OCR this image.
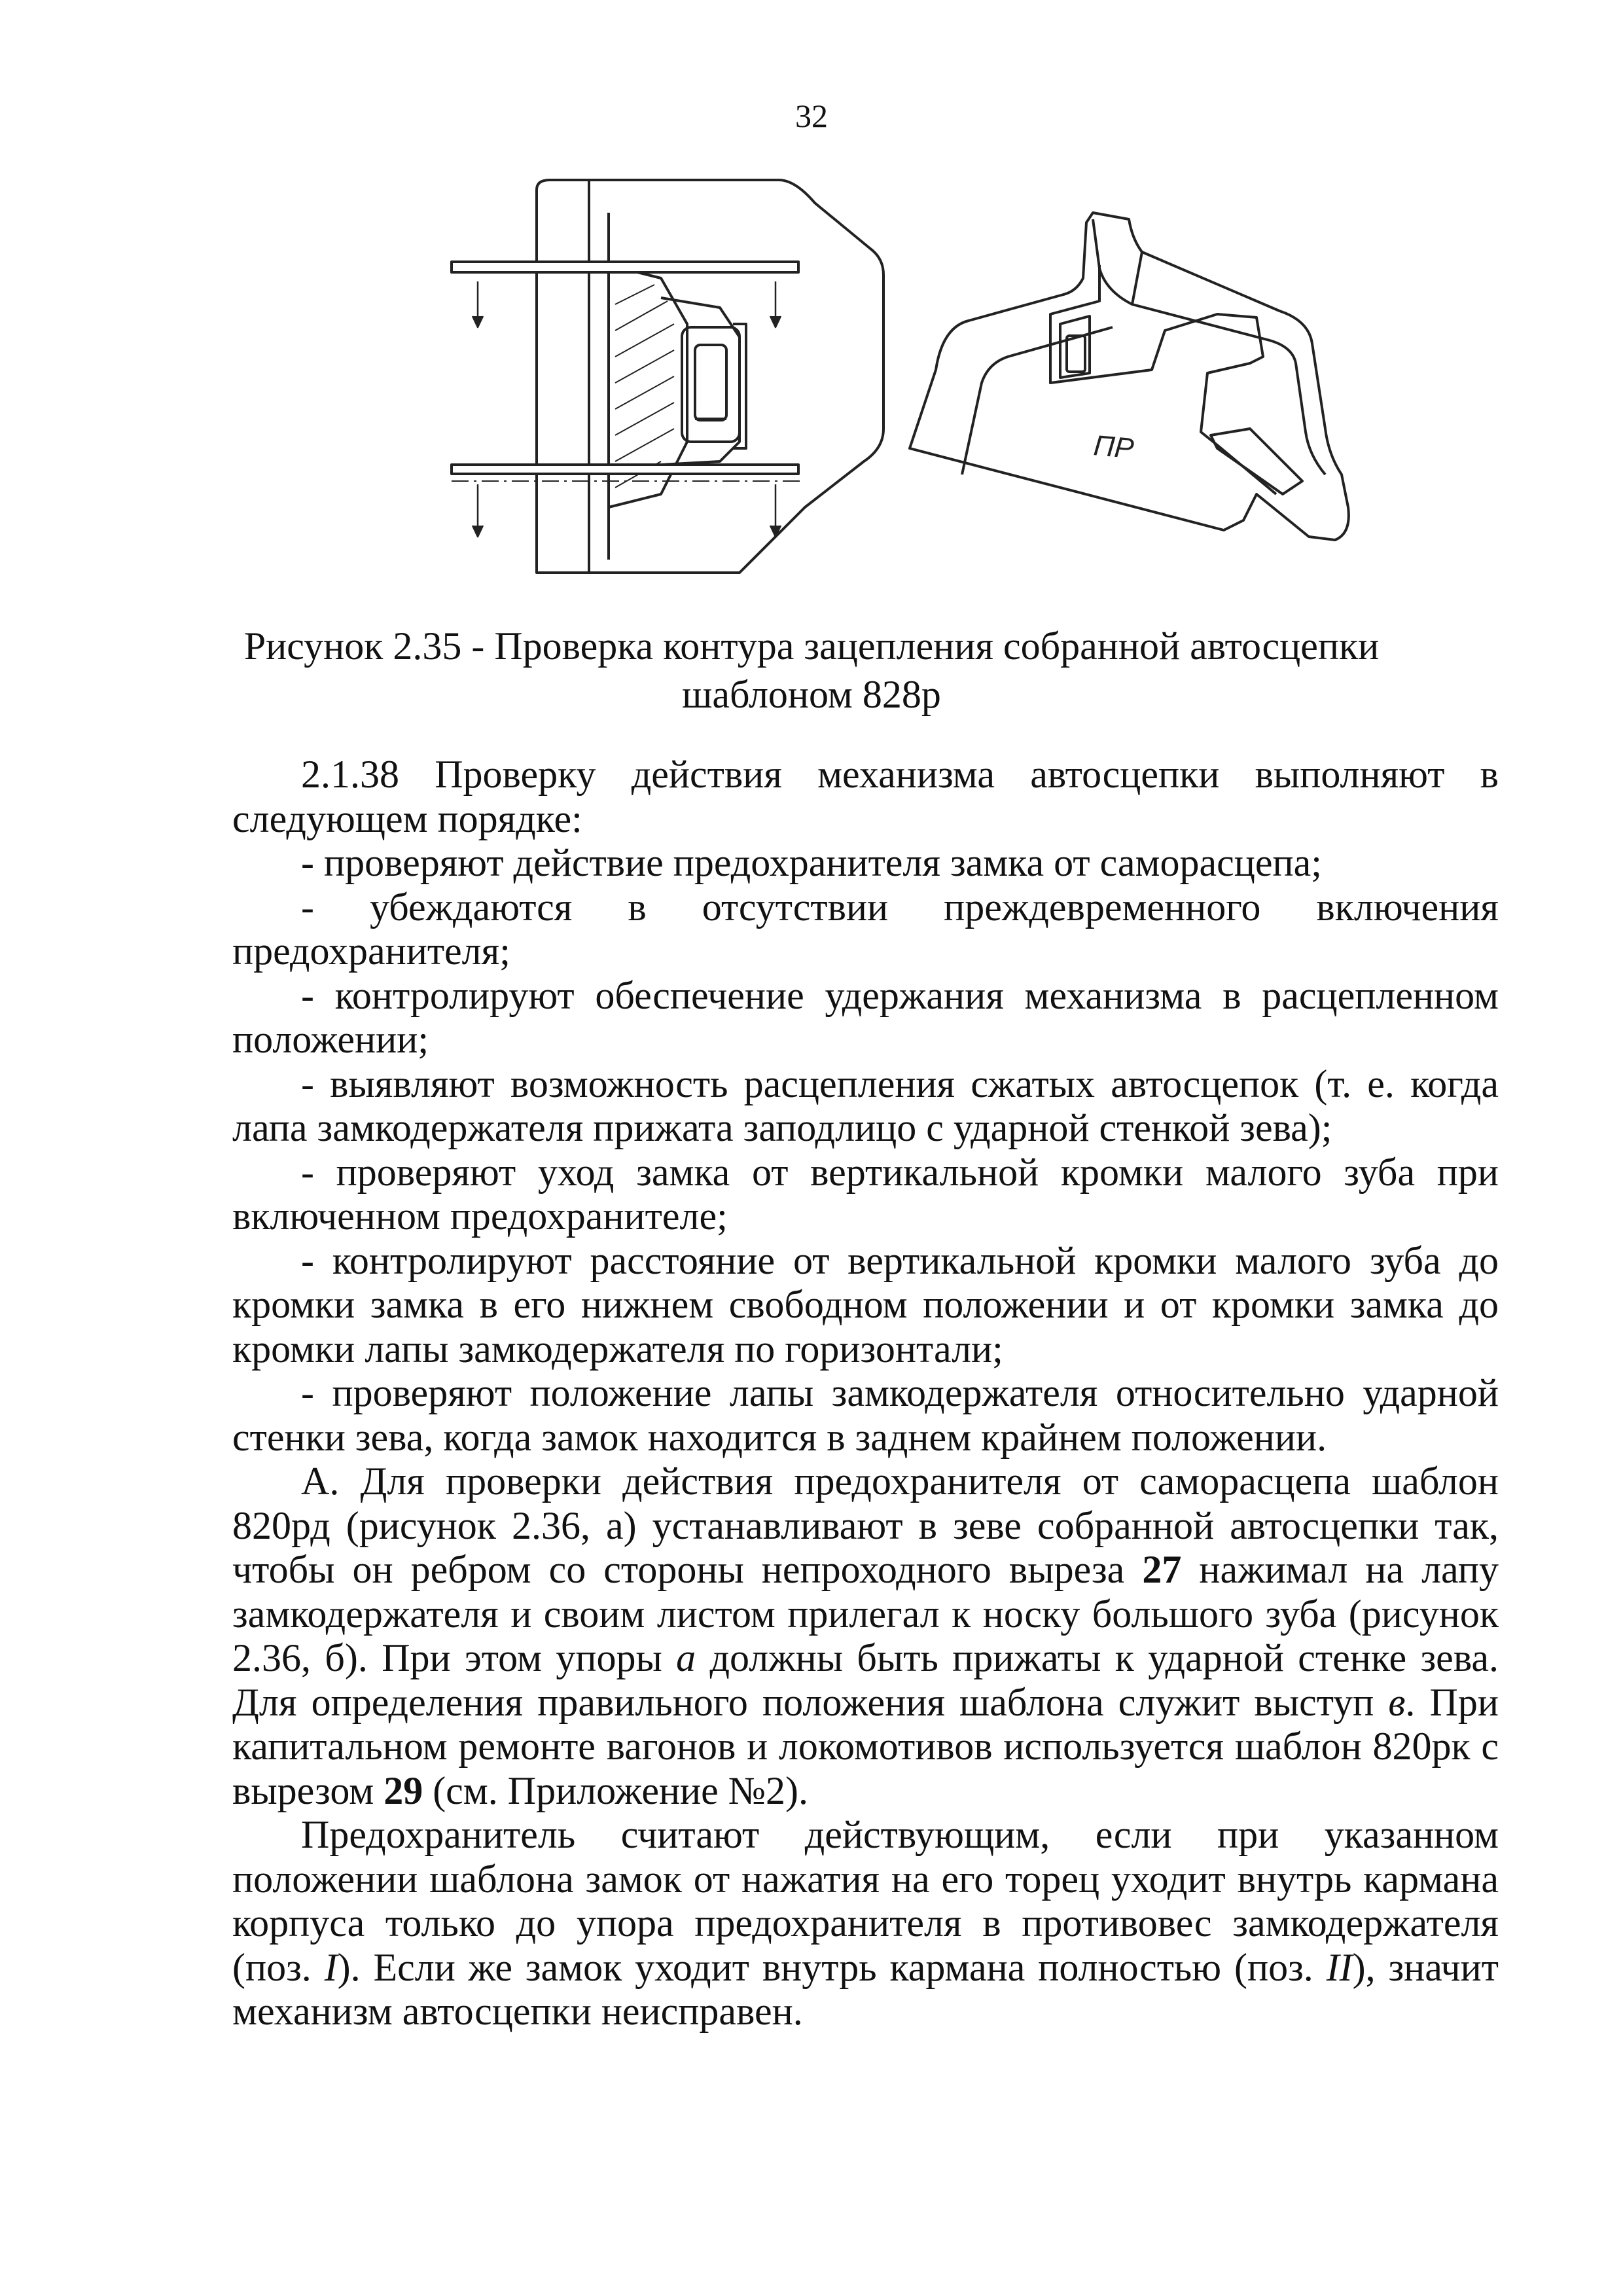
32
ПР
Рисунок 2.35 - Проверка контура зацепления собранной автосцепки
шаблоном 828р

2.1.38 Проверку действия механизма автосцепки выполняют в следующем порядке:

- проверяют действие предохранителя замка от саморасцепа;

- убеждаются в отсутствии преждевременного включения предохранителя;

- контролируют обеспечение удержания механизма в расцепленном положении;

- выявляют возможность расцепления сжатых автосцепок (т. е. когда лапа замкодержателя прижата заподлицо с ударной стенкой зева);

- проверяют уход замка от вертикальной кромки малого зуба при включенном предохранителе;

- контролируют расстояние от вертикальной кромки малого зуба до кромки замка в его нижнем свободном положении и от кромки замка до кромки лапы замкодержателя по горизонтали;

- проверяют положение лапы замкодержателя относительно ударной стенки зева, когда замок находится в заднем крайнем положении.

А. Для проверки действия предохранителя от саморасцепа шаблон 820рд (рисунок 2.36, а) устанавливают в зеве собранной автосцепки так, чтобы он ребром со стороны непроходного выреза 27 нажимал на лапу замкодержателя и своим листом прилегал к носку большого зуба (рисунок 2.36, б). При этом упоры а должны быть прижаты к ударной стенке зева. Для определения правильного положения шаблона служит выступ в. При капитальном ремонте вагонов и локомотивов используется шаблон 820рк с вырезом 29 (см. Приложение №2).

Предохранитель считают действующим, если при указанном положении шаблона замок от нажатия на его торец уходит внутрь кармана корпуса только до упора предохранителя в противовес замкодержателя (поз. I). Если же замок уходит внутрь кармана полностью (поз. II), значит механизм автосцепки неисправен.
